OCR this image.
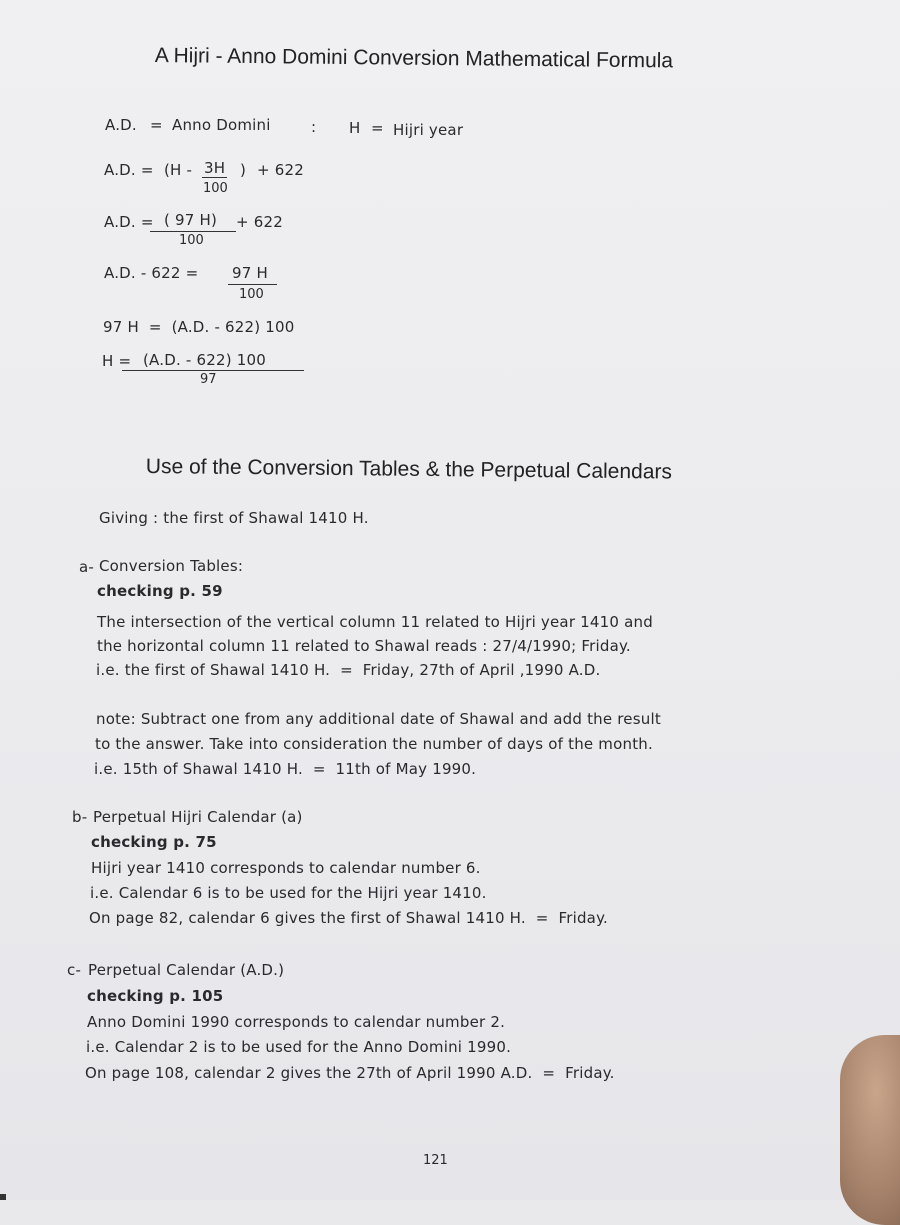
A Hijri - Anno Domini Conversion Mathematical Formula
A.D. = Anno Domini	: H = Hijri year
A.D. = (H - 3H ) + 622
100
A.D. = ( 97 H) + 622
100
A.D. - 622 = 97 H
100
97 H  =  (A.D. - 622) 100
H = (A.D. - 622) 100
97
Use of the Conversion Tables & the Perpetual Calendars
Giving : the first of Shawal 1410 H.
a- Conversion Tables:
checking p. 59
The intersection of the vertical column 11 related to Hijri year 1410 and
the horizontal column 11 related to Shawal reads : 27/4/1990; Friday.
i.e. the first of Shawal 1410 H.  =  Friday, 27th of April ,1990 A.D.
note: Subtract one from any additional date of Shawal and add the result
to the answer. Take into consideration the number of days of the month.
i.e. 15th of Shawal 1410 H.  =  11th of May 1990.
b- Perpetual Hijri Calendar (a)
checking p. 75
Hijri year 1410 corresponds to calendar number 6.
i.e. Calendar 6 is to be used for the Hijri year 1410.
On page 82, calendar 6 gives the first of Shawal 1410 H.  =  Friday.
c- Perpetual Calendar (A.D.)
checking p. 105
Anno Domini 1990 corresponds to calendar number 2.
i.e. Calendar 2 is to be used for the Anno Domini 1990.
On page 108, calendar 2 gives the 27th of April 1990 A.D.  =  Friday.
121
